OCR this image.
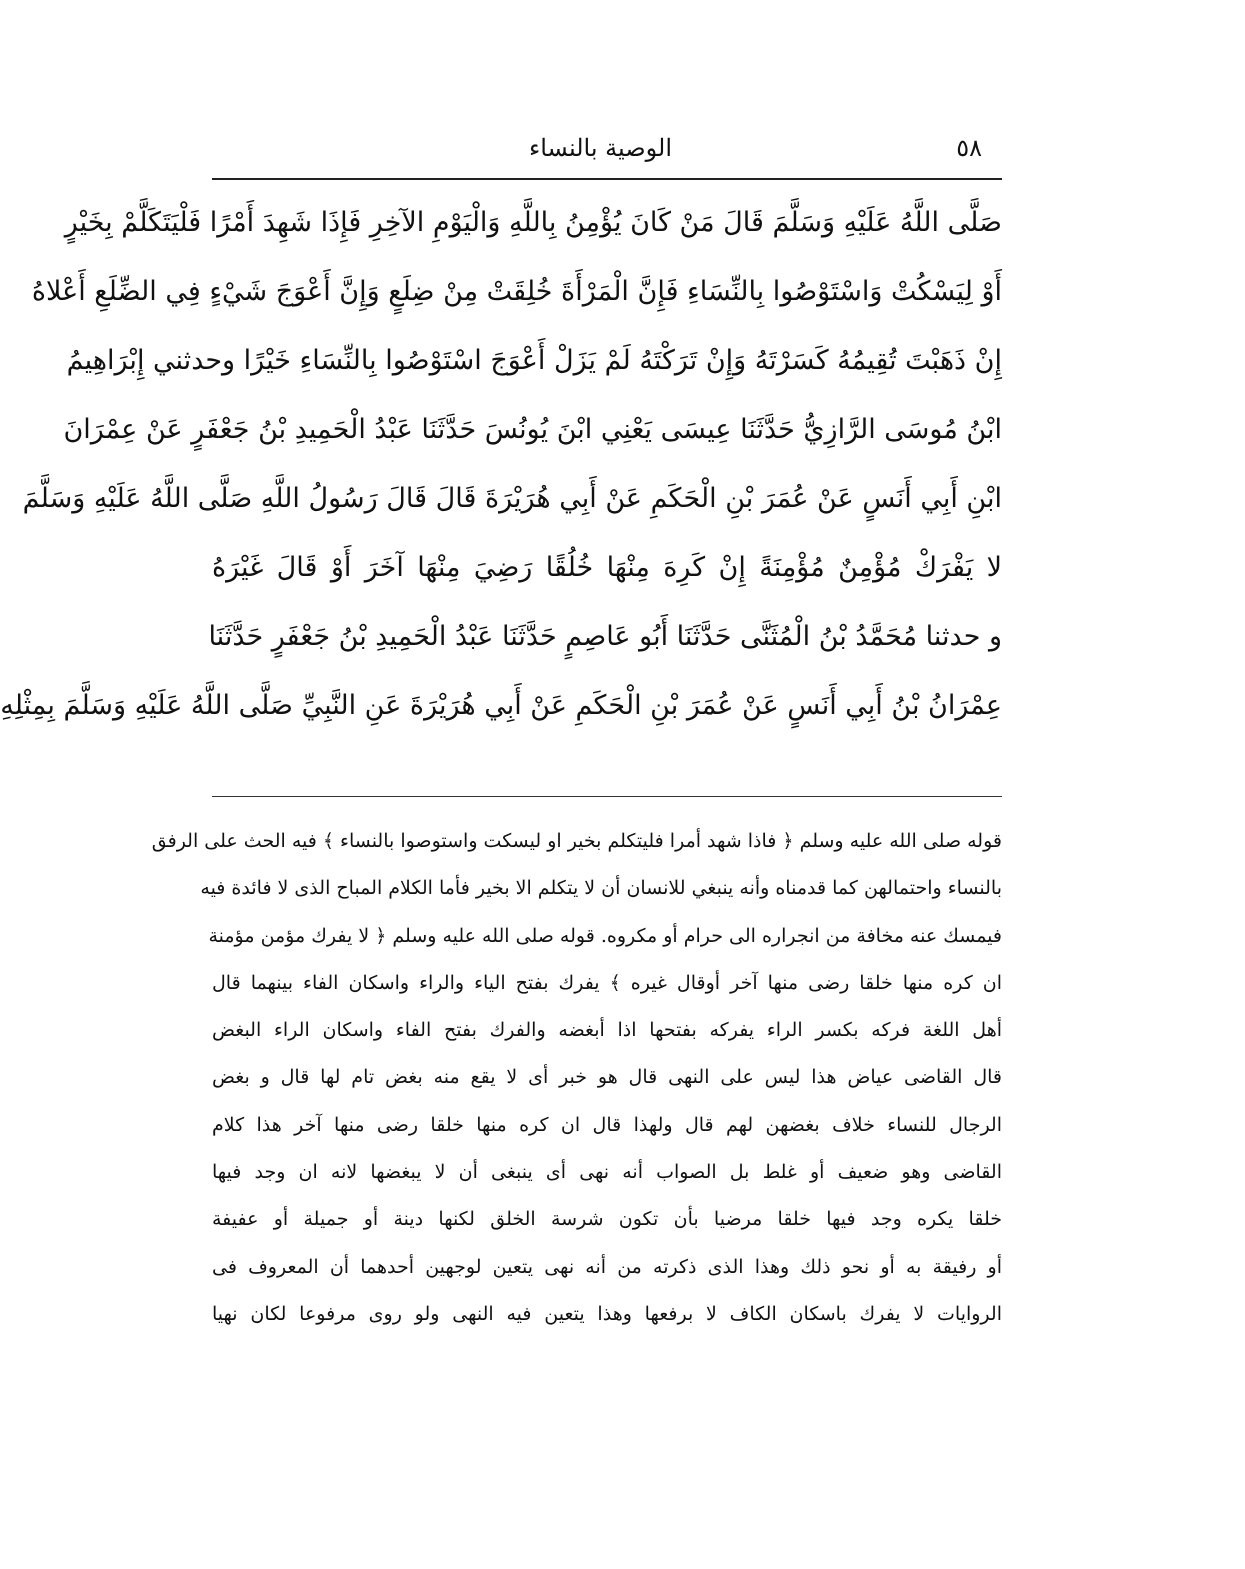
٥٨
الوصية بالنساء
صَلَّى اللَّهُ عَلَيْهِ وَسَلَّمَ قَالَ مَنْ كَانَ يُؤْمِنُ بِاللَّهِ وَالْيَوْمِ الآخِرِ فَإِذَا شَهِدَ أَمْرًا فَلْيَتَكَلَّمْ بِخَيْرٍ
أَوْ لِيَسْكُتْ وَاسْتَوْصُوا بِالنِّسَاءِ فَإِنَّ الْمَرْأَةَ خُلِقَتْ مِنْ ضِلَعٍ وَإِنَّ أَعْوَجَ شَيْءٍ فِي الضِّلَعِ أَعْلاهُ
إِنْ ذَهَبْتَ تُقِيمُهُ كَسَرْتَهُ وَإِنْ تَرَكْتَهُ لَمْ يَزَلْ أَعْوَجَ اسْتَوْصُوا بِالنِّسَاءِ خَيْرًا وحدثني إِبْرَاهِيمُ
ابْنُ مُوسَى الرَّازِيُّ حَدَّثَنَا عِيسَى يَعْنِي ابْنَ يُونُسَ حَدَّثَنَا عَبْدُ الْحَمِيدِ بْنُ جَعْفَرٍ عَنْ عِمْرَانَ
ابْنِ أَبِي أَنَسٍ عَنْ عُمَرَ بْنِ الْحَكَمِ عَنْ أَبِي هُرَيْرَةَ قَالَ قَالَ رَسُولُ اللَّهِ صَلَّى اللَّهُ عَلَيْهِ وَسَلَّمَ
لا يَفْرَكْ مُؤْمِنٌ مُؤْمِنَةً إِنْ كَرِهَ مِنْهَا خُلُقًا رَضِيَ مِنْهَا آخَرَ أَوْ قَالَ غَيْرَهُ
و حدثنا مُحَمَّدُ بْنُ الْمُثَنَّى حَدَّثَنَا أَبُو عَاصِمٍ حَدَّثَنَا عَبْدُ الْحَمِيدِ بْنُ جَعْفَرٍ حَدَّثَنَا
عِمْرَانُ بْنُ أَبِي أَنَسٍ عَنْ عُمَرَ بْنِ الْحَكَمِ عَنْ أَبِي هُرَيْرَةَ عَنِ النَّبِيِّ صَلَّى اللَّهُ عَلَيْهِ وَسَلَّمَ بِمِثْلِهِ
قوله صلى الله عليه وسلم ﴿ فاذا شهد أمرا فليتكلم بخير او ليسكت واستوصوا بالنساء ﴾ فيه الحث على الرفق
بالنساء واحتمالهن كما قدمناه وأنه ينبغي للانسان أن لا يتكلم الا بخير فأما الكلام المباح الذى لا فائدة فيه
فيمسك عنه مخافة من انجراره الى حرام أو مكروه. قوله صلى الله عليه وسلم ﴿ لا يفرك مؤمن مؤمنة
ان كره منها خلقا رضى منها آخر أوقال غيره ﴾ يفرك بفتح الياء والراء واسكان الفاء بينهما قال
أهل اللغة فركه بكسر الراء يفركه بفتحها اذا أبغضه والفرك بفتح الفاء واسكان الراء البغض
قال القاضى عياض هذا ليس على النهى قال هو خبر أى لا يقع منه بغض تام لها قال و بغض
الرجال للنساء خلاف بغضهن لهم قال ولهذا قال ان كره منها خلقا رضى منها آخر هذا كلام
القاضى وهو ضعيف أو غلط بل الصواب أنه نهى أى ينبغى أن لا يبغضها لانه ان وجد فيها
خلقا يكره وجد فيها خلقا مرضيا بأن تكون شرسة الخلق لكنها دينة أو جميلة أو عفيفة
أو رفيقة به أو نحو ذلك وهذا الذى ذكرته من أنه نهى يتعين لوجهين أحدهما أن المعروف فى
الروايات لا يفرك باسكان الكاف لا برفعها وهذا يتعين فيه النهى ولو روى مرفوعا لكان نهيا
